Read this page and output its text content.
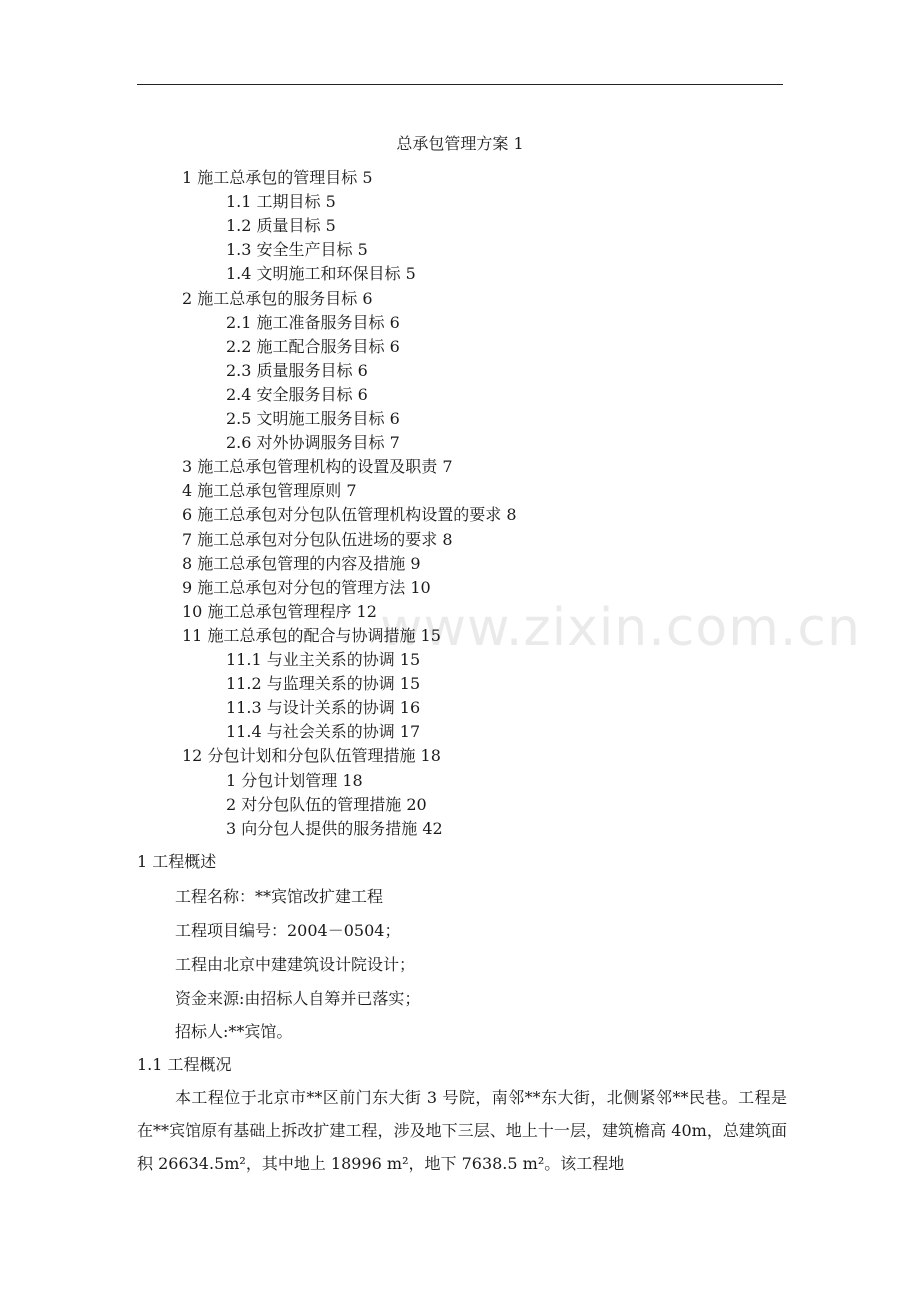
总承包管理方案 1
1 施工总承包的管理目标 5
1.1 工期目标 5
1.2 质量目标 5
1.3 安全生产目标 5
1.4 文明施工和环保目标 5
2 施工总承包的服务目标 6
2.1 施工准备服务目标 6
2.2 施工配合服务目标 6
2.3 质量服务目标 6
2.4 安全服务目标 6
2.5 文明施工服务目标 6
2.6 对外协调服务目标 7
3 施工总承包管理机构的设置及职责 7
4 施工总承包管理原则 7
6 施工总承包对分包队伍管理机构设置的要求 8
7 施工总承包对分包队伍进场的要求 8
8 施工总承包管理的内容及措施 9
9 施工总承包对分包的管理方法 10
10 施工总承包管理程序 12
11 施工总承包的配合与协调措施 15
11.1 与业主关系的协调 15
11.2 与监理关系的协调 15
11.3 与设计关系的协调 16
11.4 与社会关系的协调 17
12 分包计划和分包队伍管理措施 18
1 分包计划管理 18
2 对分包队伍的管理措施 20
3 向分包人提供的服务措施 42
1 工程概述
工程名称：**宾馆改扩建工程
工程项目编号：2004－0504；
工程由北京中建建筑设计院设计；
资金来源:由招标人自筹并已落实；
招标人:**宾馆。
1.1 工程概况
本工程位于北京市**区前门东大街 3 号院，南邻**东大街，北侧紧邻**民巷。工程是在**宾馆原有基础上拆改扩建工程，涉及地下三层、地上十一层，建筑檐高 40m，总建筑面积 26634.5m²，其中地上 18996 m²，地下 7638.5 m²。该工程地
www.zixin.com.cn
